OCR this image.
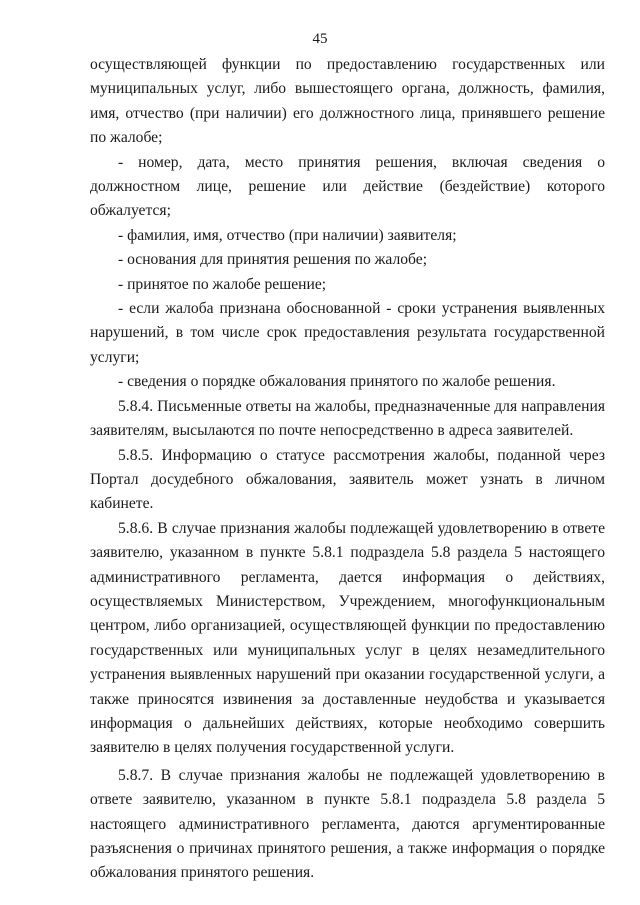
45

осуществляющей функции по предоставлению государственных или муниципальных услуг, либо вышестоящего органа, должность, фамилия, имя, отчество (при наличии) его должностного лица, принявшего решение по жалобе;

- номер, дата, место принятия решения, включая сведения о должностном лице, решение или действие (бездействие) которого обжалуется;

- фамилия, имя, отчество (при наличии) заявителя;

- основания для принятия решения по жалобе;

- принятое по жалобе решение;

- если жалоба признана обоснованной - сроки устранения выявленных нарушений, в том числе срок предоставления результата государственной услуги;

- сведения о порядке обжалования принятого по жалобе решения.

5.8.4. Письменные ответы на жалобы, предназначенные для направления заявителям, высылаются по почте непосредственно в адреса заявителей.

5.8.5. Информацию о статусе рассмотрения жалобы, поданной через Портал досудебного обжалования, заявитель может узнать в личном кабинете.

5.8.6. В случае признания жалобы подлежащей удовлетворению в ответе заявителю, указанном в пункте 5.8.1 подраздела 5.8 раздела 5 настоящего административного регламента, дается информация о действиях, осуществляемых Министерством, Учреждением, многофункциональным центром, либо организацией, осуществляющей функции по предоставлению государственных или муниципальных услуг в целях незамедлительного устранения выявленных нарушений при оказании государственной услуги, а также приносятся извинения за доставленные неудобства и указывается информация о дальнейших действиях, которые необходимо совершить заявителю в целях получения государственной услуги.

5.8.7. В случае признания жалобы не подлежащей удовлетворению в ответе заявителю, указанном в пункте 5.8.1 подраздела 5.8 раздела 5 настоящего административного регламента, даются аргументированные разъяснения о причинах принятого решения, а также информация о порядке обжалования принятого решения.
